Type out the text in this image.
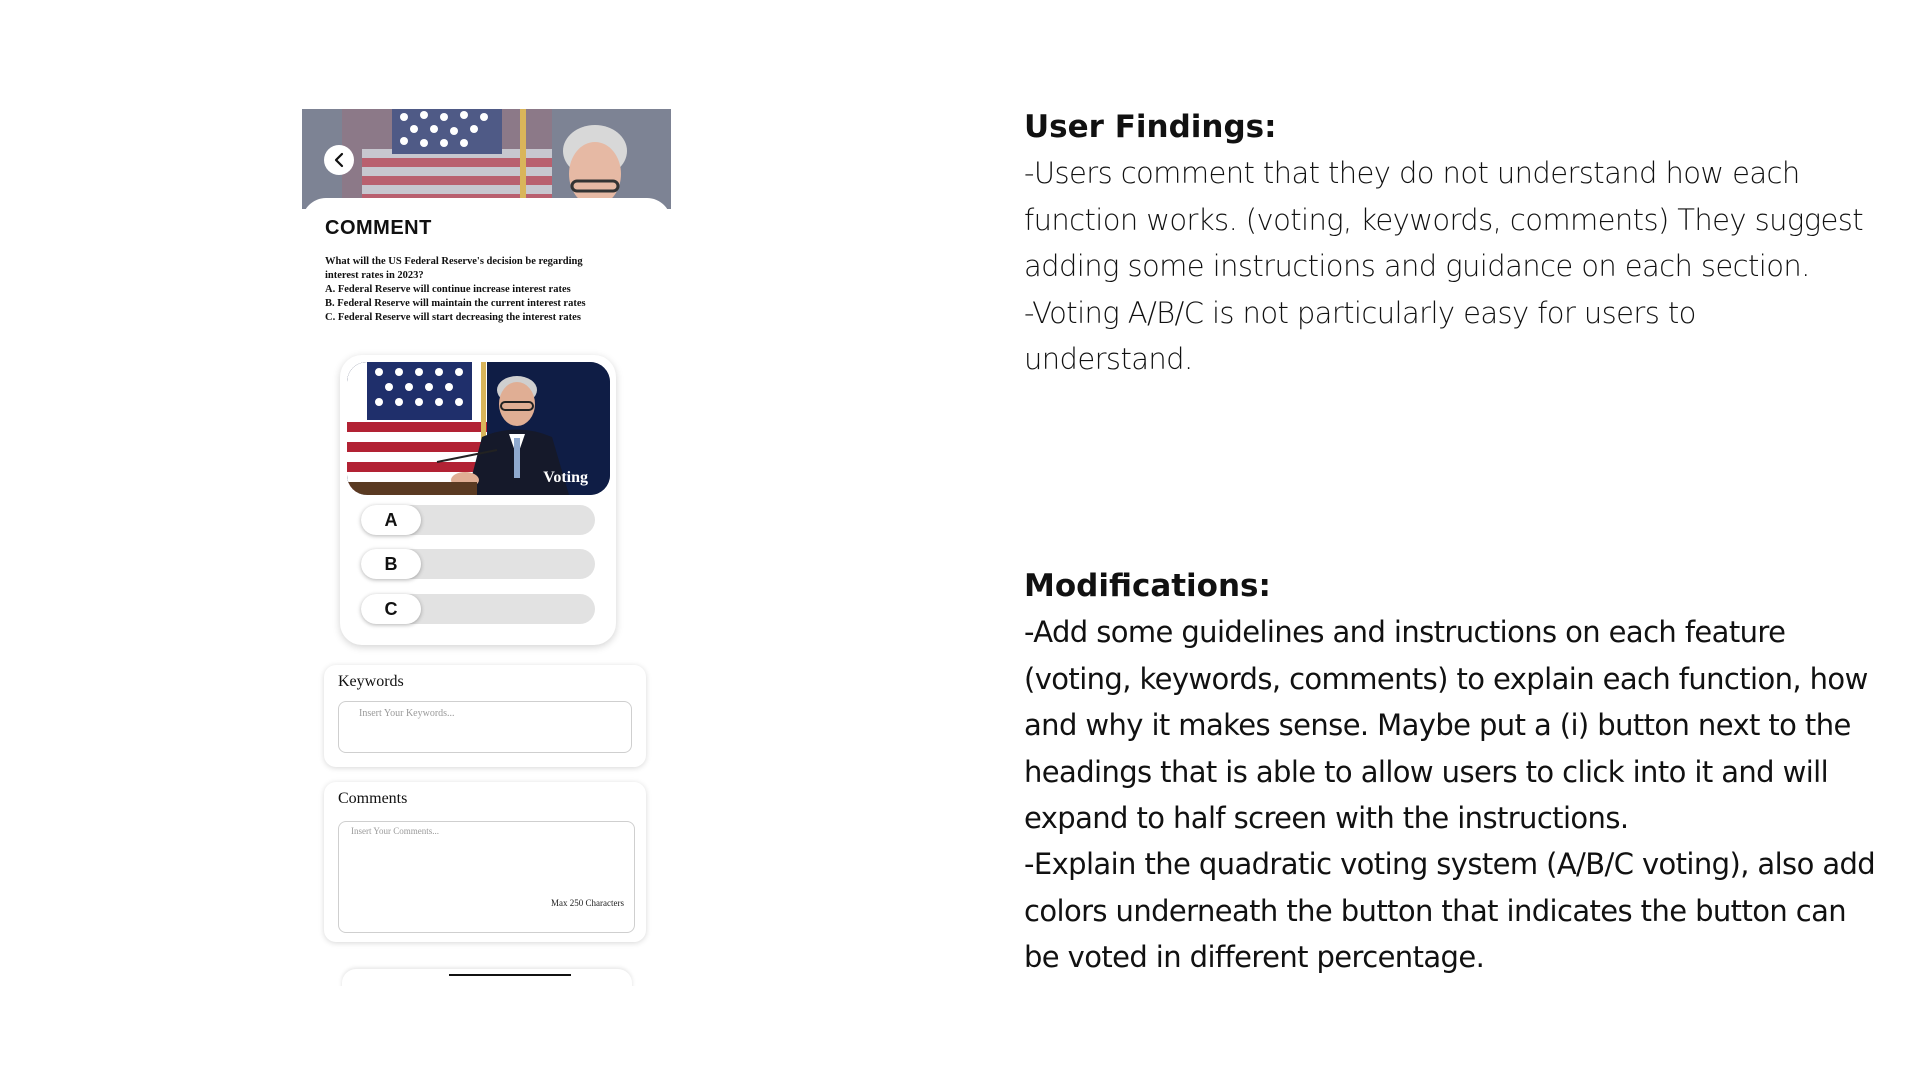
COMMENT
What will the US Federal Reserve's decision be regarding
interest rates in 2023?
A. Federal Reserve will continue increase interest rates
B. Federal Reserve will maintain the current interest rates
C. Federal Reserve will start decreasing the interest rates
Voting
A
B
C
Keywords
Insert Your Keywords...
Comments
Insert Your Comments...
Max 250 Characters

User Findings:

-Users comment that they do not understand how each

function works. (voting, keywords, comments) They suggest

adding some instructions and guidance on each section.

-Voting A/B/C is not particularly easy for users to

understand.

Modifications:

-Add some guidelines and instructions on each feature

(voting, keywords, comments) to explain each function, how

and why it makes sense. Maybe put a (i) button next to the

headings that is able to allow users to click into it and will

expand to half screen with the instructions.

-Explain the quadratic voting system (A/B/C voting), also add

colors underneath the button that indicates the button can

be voted in different percentage.
